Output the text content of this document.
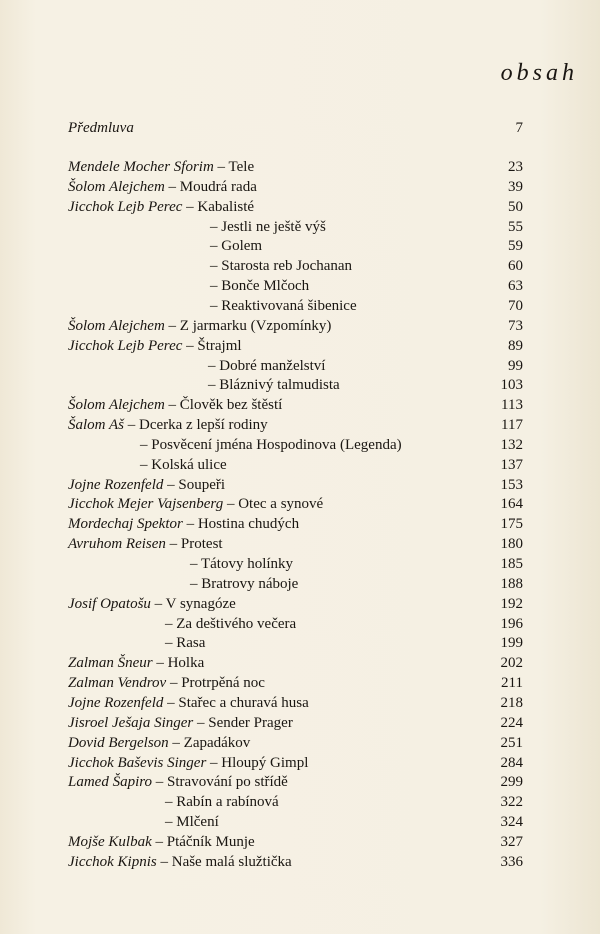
obsah
Předmluva	7
Mendele Mocher Sforim – Tele	23
Šolom Alejchem – Moudrá rada	39
Jicchok Lejb Perec – Kabalisté	50
– Jestli ne ještě výš	55
– Golem	59
– Starosta reb Jochanan	60
– Bonče Mlčoch	63
– Reaktivovaná šibenice	70
Šolom Alejchem – Z jarmarku (Vzpomínky)	73
Jicchok Lejb Perec – Štrajml	89
– Dobré manželství	99
– Bláznivý talmudista	103
Šolom Alejchem – Člověk bez štěstí	113
Šalom Aš – Dcerka z lepší rodiny	117
– Posvěcení jména Hospodinova (Legenda)	132
– Kolská ulice	137
Jojne Rozenfeld – Soupeři	153
Jicchok Mejer Vajsenberg – Otec a synové	164
Mordechaj Spektor – Hostina chudých	175
Avruhom Reisen – Protest	180
– Tátovy holínky	185
– Bratrovy náboje	188
Josif Opatošu – V synagóze	192
– Za deštivého večera	196
– Rasa	199
Zalman Šneur – Holka	202
Zalman Vendrov – Protrpěná noc	211
Jojne Rozenfeld – Stařec a churavá husa	218
Jisroel Ješaja Singer – Sender Prager	224
Dovid Bergelson – Zapadákov	251
Jicchok Baševis Singer – Hloupý Gimpl	284
Lamed Šapiro – Stravování po střídě	299
– Rabín a rabínová	322
– Mlčení	324
Mojše Kulbak – Ptáčník Munje	327
Jicchok Kipnis – Naše malá služtička	336
